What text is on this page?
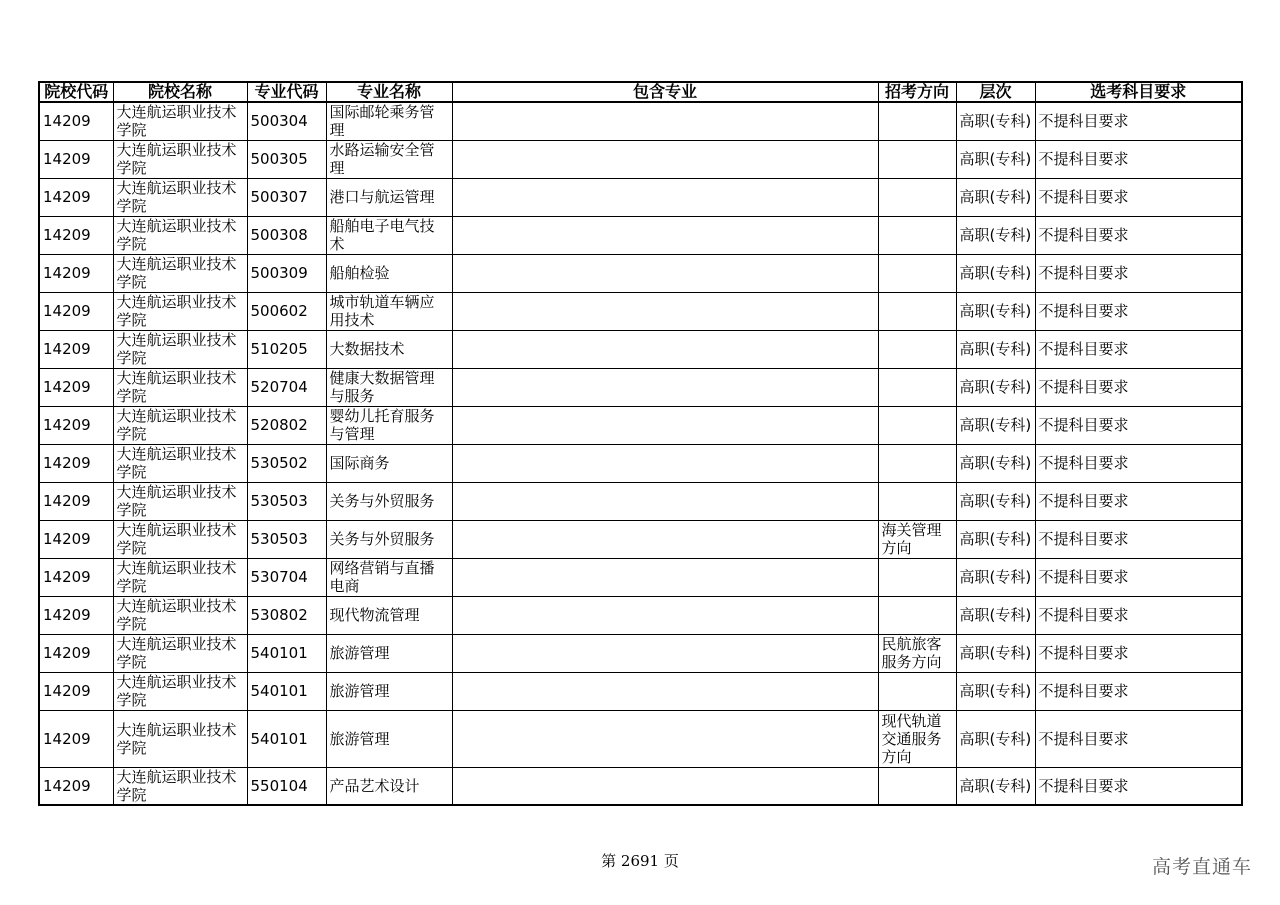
院校代码	院校名称	专业代码	专业名称	包含专业	招考方向	层次	选考科目要求
14209	大连航运职业技术学院	500304	国际邮轮乘务管理			高职(专科)	不提科目要求
14209	大连航运职业技术学院	500305	水路运输安全管理			高职(专科)	不提科目要求
14209	大连航运职业技术学院	500307	港口与航运管理			高职(专科)	不提科目要求
14209	大连航运职业技术学院	500308	船舶电子电气技术			高职(专科)	不提科目要求
14209	大连航运职业技术学院	500309	船舶检验			高职(专科)	不提科目要求
14209	大连航运职业技术学院	500602	城市轨道车辆应用技术			高职(专科)	不提科目要求
14209	大连航运职业技术学院	510205	大数据技术			高职(专科)	不提科目要求
14209	大连航运职业技术学院	520704	健康大数据管理与服务			高职(专科)	不提科目要求
14209	大连航运职业技术学院	520802	婴幼儿托育服务与管理			高职(专科)	不提科目要求
14209	大连航运职业技术学院	530502	国际商务			高职(专科)	不提科目要求
14209	大连航运职业技术学院	530503	关务与外贸服务			高职(专科)	不提科目要求
14209	大连航运职业技术学院	530503	关务与外贸服务		海关管理方向	高职(专科)	不提科目要求
14209	大连航运职业技术学院	530704	网络营销与直播电商			高职(专科)	不提科目要求
14209	大连航运职业技术学院	530802	现代物流管理			高职(专科)	不提科目要求
14209	大连航运职业技术学院	540101	旅游管理		民航旅客服务方向	高职(专科)	不提科目要求
14209	大连航运职业技术学院	540101	旅游管理			高职(专科)	不提科目要求
14209	大连航运职业技术学院	540101	旅游管理		现代轨道交通服务方向	高职(专科)	不提科目要求
14209	大连航运职业技术学院	550104	产品艺术设计			高职(专科)	不提科目要求
第 2691 页	高考直通车
